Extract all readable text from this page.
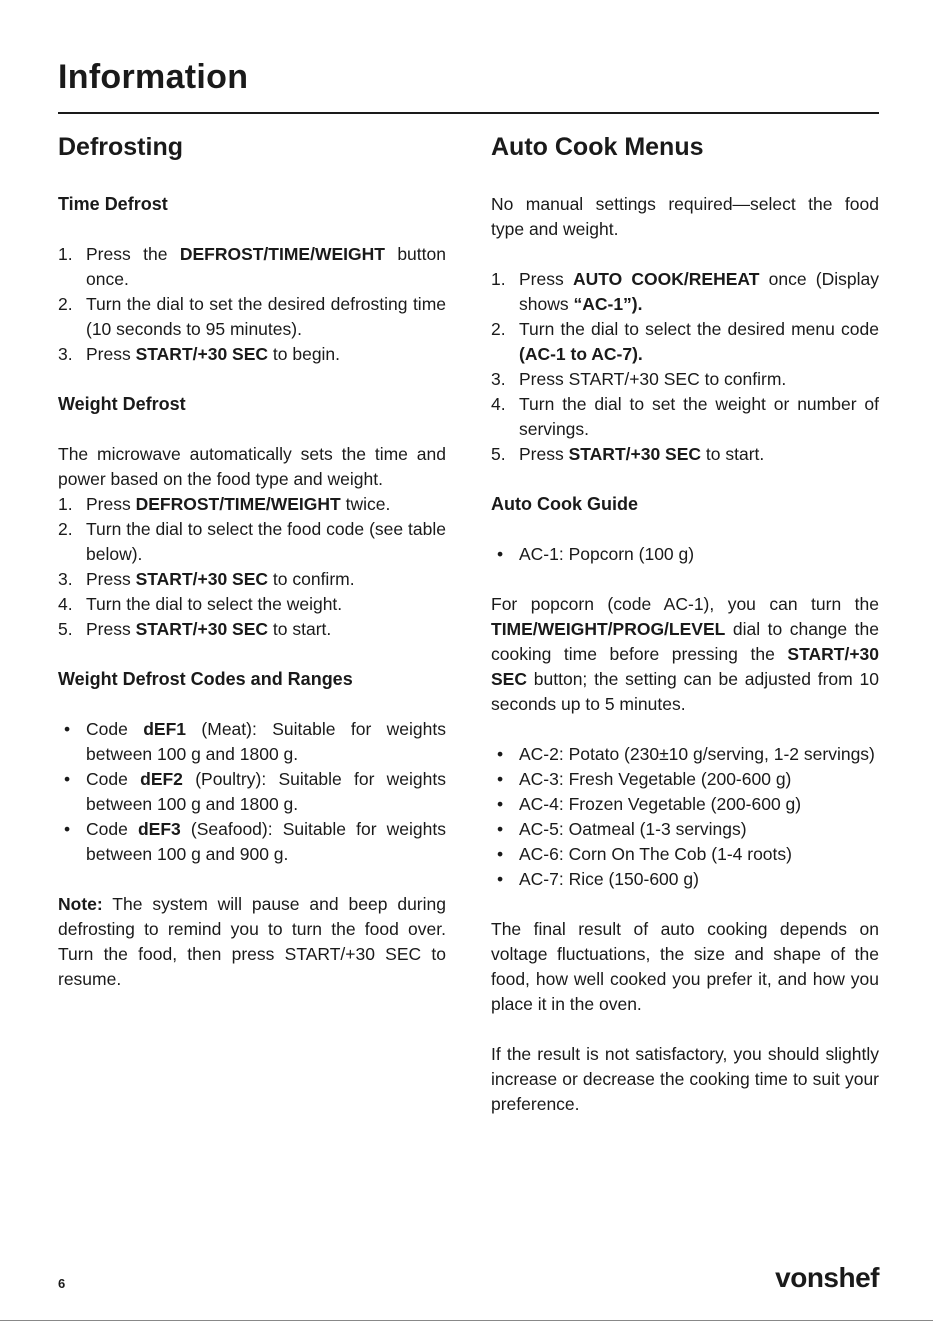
Information
Defrosting
Time Defrost
1. Press the DEFROST/TIME/WEIGHT button once.
2. Turn the dial to set the desired defrosting time (10 seconds to 95 minutes).
3. Press START/+30 SEC to begin.
Weight Defrost

The microwave automatically sets the time and power based on the food type and weight.

1. Press DEFROST/TIME/WEIGHT twice.
2. Turn the dial to select the food code (see table below).
3. Press START/+30 SEC to confirm.
4. Turn the dial to select the weight.
5. Press START/+30 SEC to start.
Weight Defrost Codes and Ranges
• Code dEF1 (Meat): Suitable for weights between 100 g and 1800 g.
• Code dEF2 (Poultry): Suitable for weights between 100 g and 1800 g.
• Code dEF3 (Seafood): Suitable for weights between 100 g and 900 g.

Note: The system will pause and beep during defrosting to remind you to turn the food over. Turn the food, then press START/+30 SEC to resume.

Auto Cook Menus

No manual settings required—select the food type and weight.

1. Press AUTO COOK/REHEAT once (Display shows “AC-1”).
2. Turn the dial to select the desired menu code (AC-1 to AC-7).
3. Press START/+30 SEC to confirm.
4. Turn the dial to set the weight or number of servings.
5. Press START/+30 SEC to start.
Auto Cook Guide
• AC-1: Popcorn (100 g)

For popcorn (code AC-1), you can turn the TIME/WEIGHT/PROG/LEVEL dial to change the cooking time before pressing the START/+30 SEC button; the setting can be adjusted from 10 seconds up to 5 minutes.

• AC-2: Potato (230±10 g/serving, 1-2 servings)
• AC-3: Fresh Vegetable (200-600 g)
• AC-4: Frozen Vegetable (200-600 g)
• AC-5: Oatmeal (1-3 servings)
• AC-6: Corn On The Cob (1-4 roots)
• AC-7: Rice (150-600 g)

The final result of auto cooking depends on voltage fluctuations, the size and shape of the food, how well cooked you prefer it, and how you place it in the oven.

If the result is not satisfactory, you should slightly increase or decrease the cooking time to suit your preference.

6	vonshef
